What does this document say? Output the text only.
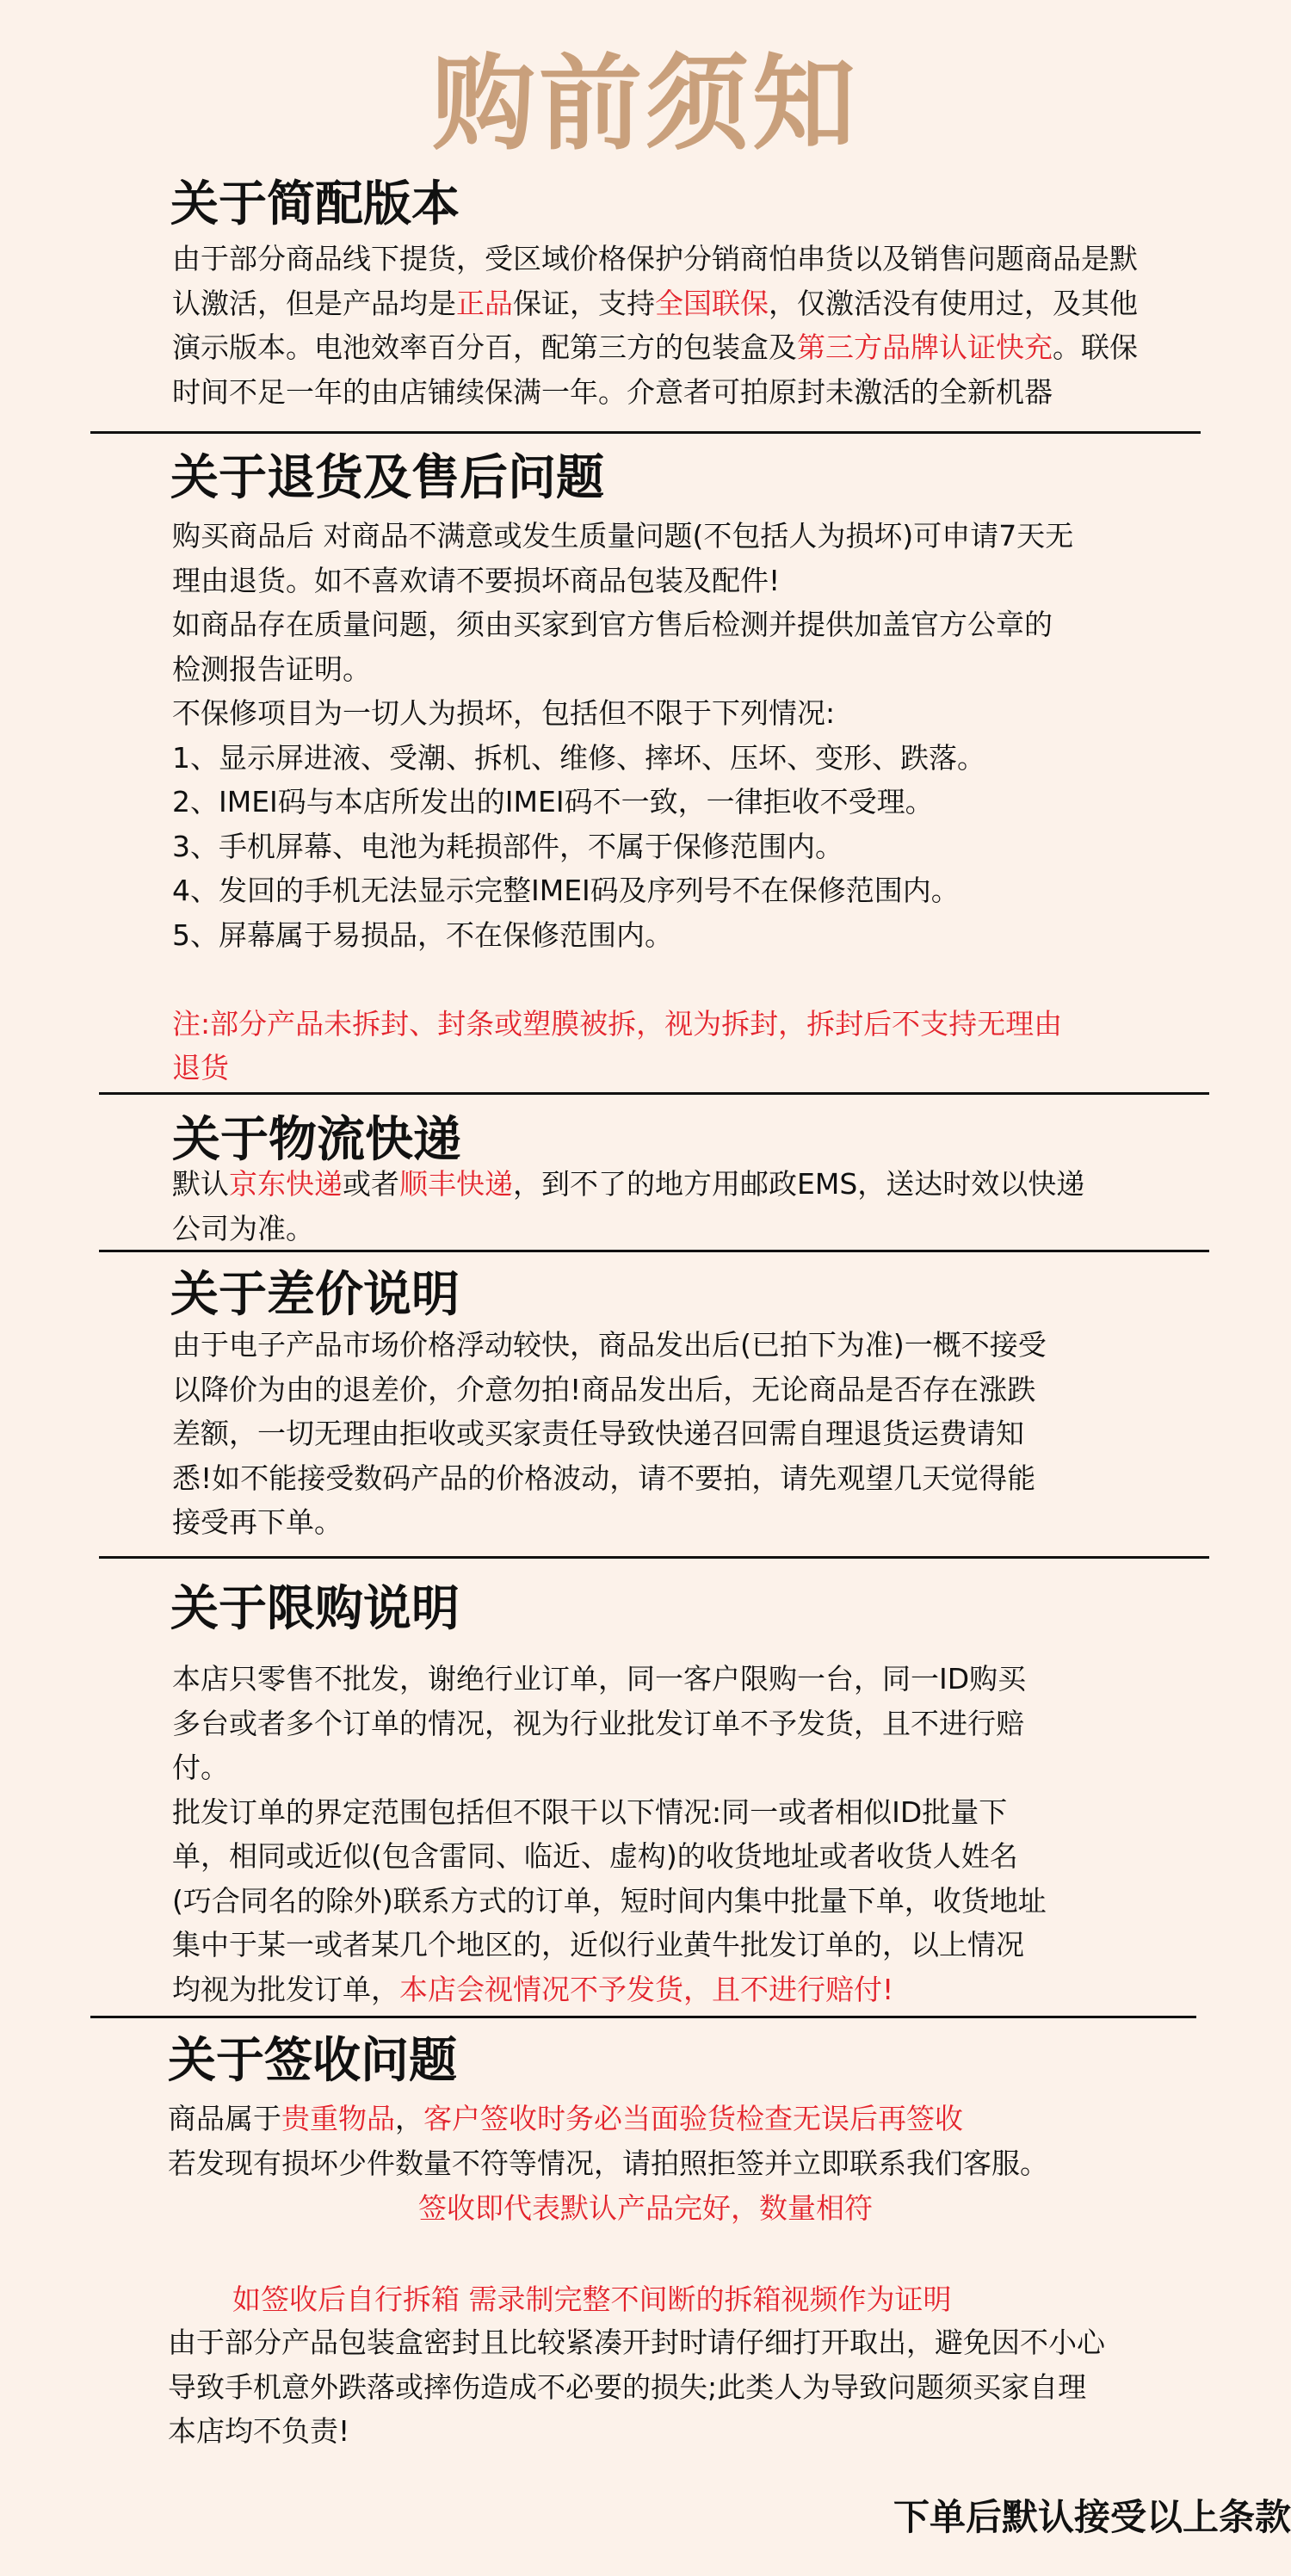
购前须知
关于简配版本

由于部分商品线下提货，受区域价格保护分销商怕串货以及销售问题商品是默

认激活，但是产品均是正品保证，支持全国联保，仅激活没有使用过，及其他

演示版本。电池效率百分百，配第三方的包装盒及第三方品牌认证快充。联保

时间不足一年的由店铺续保满一年。介意者可拍原封未激活的全新机器

关于退货及售后问题

购买商品后 对商品不满意或发生质量问题(不包括人为损坏)可申请7天无

理由退货。如不喜欢请不要损坏商品包装及配件!

如商品存在质量问题，须由买家到官方售后检测并提供加盖官方公章的

检测报告证明。

不保修项目为一切人为损坏，包括但不限于下列情况:

1、显示屏进液、受潮、拆机、维修、摔坏、压坏、变形、跌落。

2、IMEI码与本店所发出的IMEI码不一致，一律拒收不受理。

3、手机屏幕、电池为耗损部件，不属于保修范围内。

4、发回的手机无法显示完整IMEI码及序列号不在保修范围内。

5、屏幕属于易损品，不在保修范围内。

注:部分产品未拆封、封条或塑膜被拆，视为拆封，拆封后不支持无理由

退货

关于物流快递

默认京东快递或者顺丰快递，到不了的地方用邮政EMS，送达时效以快递

公司为准。

关于差价说明

由于电子产品市场价格浮动较快，商品发出后(已拍下为准)一概不接受

以降价为由的退差价，介意勿拍!商品发出后，无论商品是否存在涨跌

差额，一切无理由拒收或买家责任导致快递召回需自理退货运费请知

悉!如不能接受数码产品的价格波动，请不要拍，请先观望几天觉得能

接受再下单。

关于限购说明

本店只零售不批发，谢绝行业订单，同一客户限购一台，同一ID购买

多台或者多个订单的情况，视为行业批发订单不予发货，且不进行赔

付。

批发订单的界定范围包括但不限干以下情况:同一或者相似ID批量下

单，相同或近似(包含雷同、临近、虚构)的收货地址或者收货人姓名

(巧合同名的除外)联系方式的订单，短时间内集中批量下单，收货地址

集中于某一或者某几个地区的，近似行业黄牛批发订单的，以上情况

均视为批发订单，本店会视情况不予发货，且不进行赔付!

关于签收问题

商品属于贵重物品，客户签收时务必当面验货检查无误后再签收

若发现有损坏少件数量不符等情况，请拍照拒签并立即联系我们客服。

签收即代表默认产品完好，数量相符
如签收后自行拆箱 需录制完整不间断的拆箱视频作为证明

由于部分产品包装盒密封且比较紧凑开封时请仔细打开取出，避免因不小心

导致手机意外跌落或摔伤造成不必要的损失;此类人为导致问题须买家自理

本店均不负责!

下单后默认接受以上条款
